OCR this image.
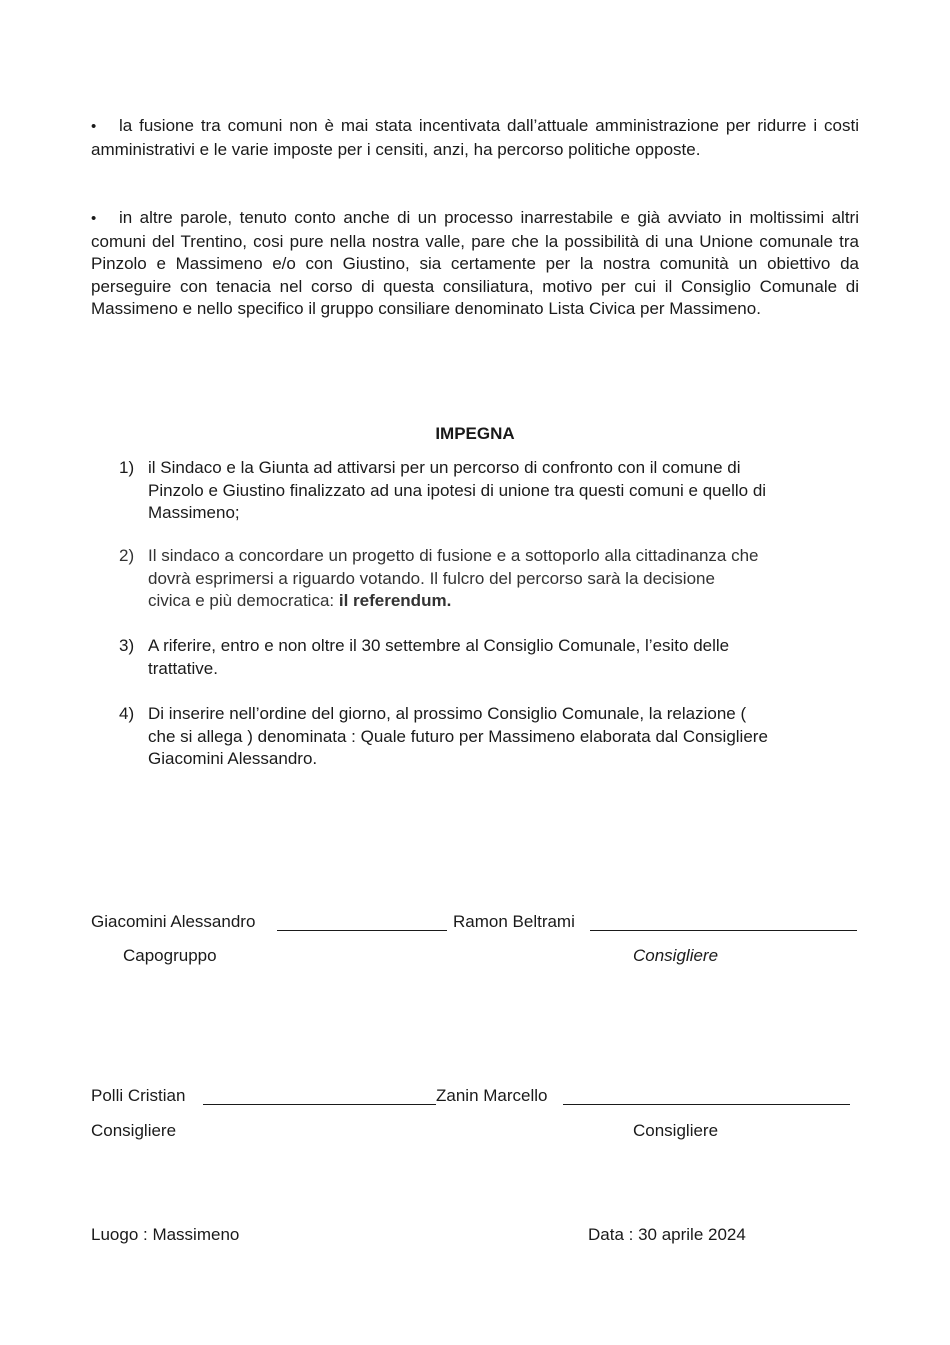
• la fusione tra comuni non è mai stata incentivata dall’attuale amministrazione per ridurre i costi amministrativi e le varie imposte per i censiti, anzi, ha percorso politiche opposte.
• in altre parole, tenuto conto anche di un processo inarrestabile e già avviato in moltissimi altri comuni del Trentino, cosi pure nella nostra valle, pare che la possibilità di una Unione comunale tra Pinzolo e Massimeno e/o con Giustino, sia certamente per la nostra comunità un obiettivo da perseguire con tenacia nel corso di questa consiliatura, motivo per cui il Consiglio Comunale di Massimeno e nello specifico il gruppo consiliare denominato Lista Civica per Massimeno.
IMPEGNA
1) il Sindaco e la Giunta ad attivarsi per un percorso di confronto con il comune di
Pinzolo e Giustino finalizzato ad una ipotesi di unione tra questi comuni e quello di
Massimeno;
2) Il sindaco a concordare un progetto di fusione e a sottoporlo alla cittadinanza che
dovrà esprimersi a riguardo votando. Il fulcro del percorso sarà la decisione
civica e più democratica: il referendum.
3) A riferire, entro e non oltre il 30 settembre al Consiglio Comunale, l’esito delle
trattative.
4) Di inserire nell’ordine del giorno, al prossimo Consiglio Comunale, la relazione (
che si allega ) denominata : Quale futuro per Massimeno elaborata dal Consigliere
Giacomini Alessandro.
Giacomini Alessandro	Ramon Beltrami
Capogruppo	Consigliere
Polli Cristian	Zanin Marcello
Consigliere	Consigliere
Luogo : Massimeno	Data : 30 aprile 2024
